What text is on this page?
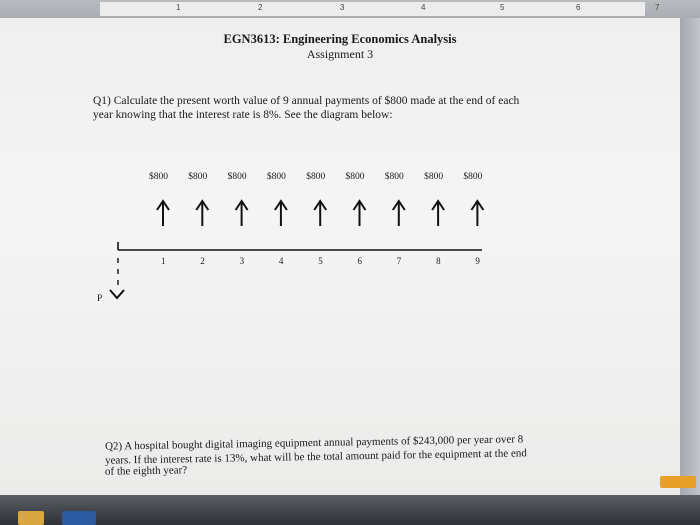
1	2	3	4	5	6	7
EGN3613: Engineering Economics Analysis
Assignment 3
Q1) Calculate the present worth value of 9 annual payments of $800 made at the end of each
year knowing that the interest rate is 8%. See the diagram below:
$800 $800 $800 $800 $800 $800 $800 $800 $800
1	2	3	4	5	6	7	8	9
P
Q2) A hospital bought digital imaging equipment annual payments of $243,000 per year over 8
years. If the interest rate is 13%, what will be the total amount paid for the equipment at the end
of the eighth year?
